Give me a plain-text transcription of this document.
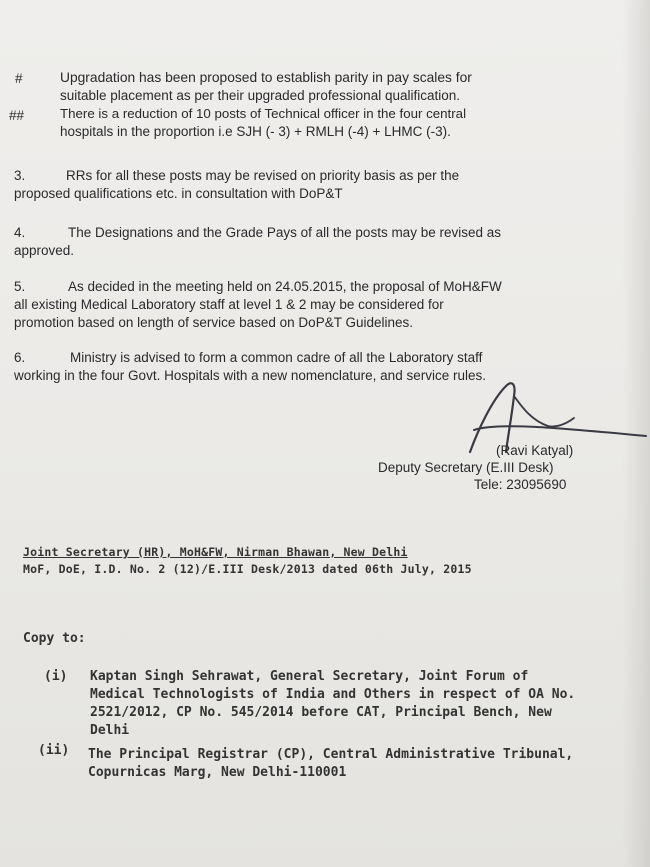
#	Upgradation has been proposed to establish parity in pay scales for
suitable placement as per their upgraded professional qualification.
##	There is a reduction of 10 posts of Technical officer in the four central
hospitals in the proportion i.e SJH (- 3) + RMLH (-4) + LHMC (-3).
3.	RRs for all these posts may be revised on priority basis as per the
proposed qualifications etc. in consultation with DoP&T
4.	The Designations and the Grade Pays of all the posts may be revised as
approved.
5.	As decided in the meeting held on 24.05.2015, the proposal of MoH&FW
all existing Medical Laboratory staff at level 1 & 2 may be considered for
promotion based on length of service based on DoP&T Guidelines.
6.	Ministry is advised to form a common cadre of all the Laboratory staff
working in the four Govt. Hospitals with a new nomenclature, and service rules.
(Ravi Katyal)
Deputy Secretary (E.III Desk)
Tele: 23095690
Joint Secretary (HR), MoH&FW, Nirman Bhawan, New Delhi
MoF, DoE, I.D. No. 2 (12)/E.III Desk/2013 dated 06th July, 2015
Copy to:
(i) Kaptan Singh Sehrawat, General Secretary, Joint Forum of
Medical Technologists of India and Others in respect of OA No.
2521/2012, CP No. 545/2014 before CAT, Principal Bench, New
Delhi
(ii) The Principal Registrar (CP), Central Administrative Tribunal,
Copurnicas Marg, New Delhi-110001
